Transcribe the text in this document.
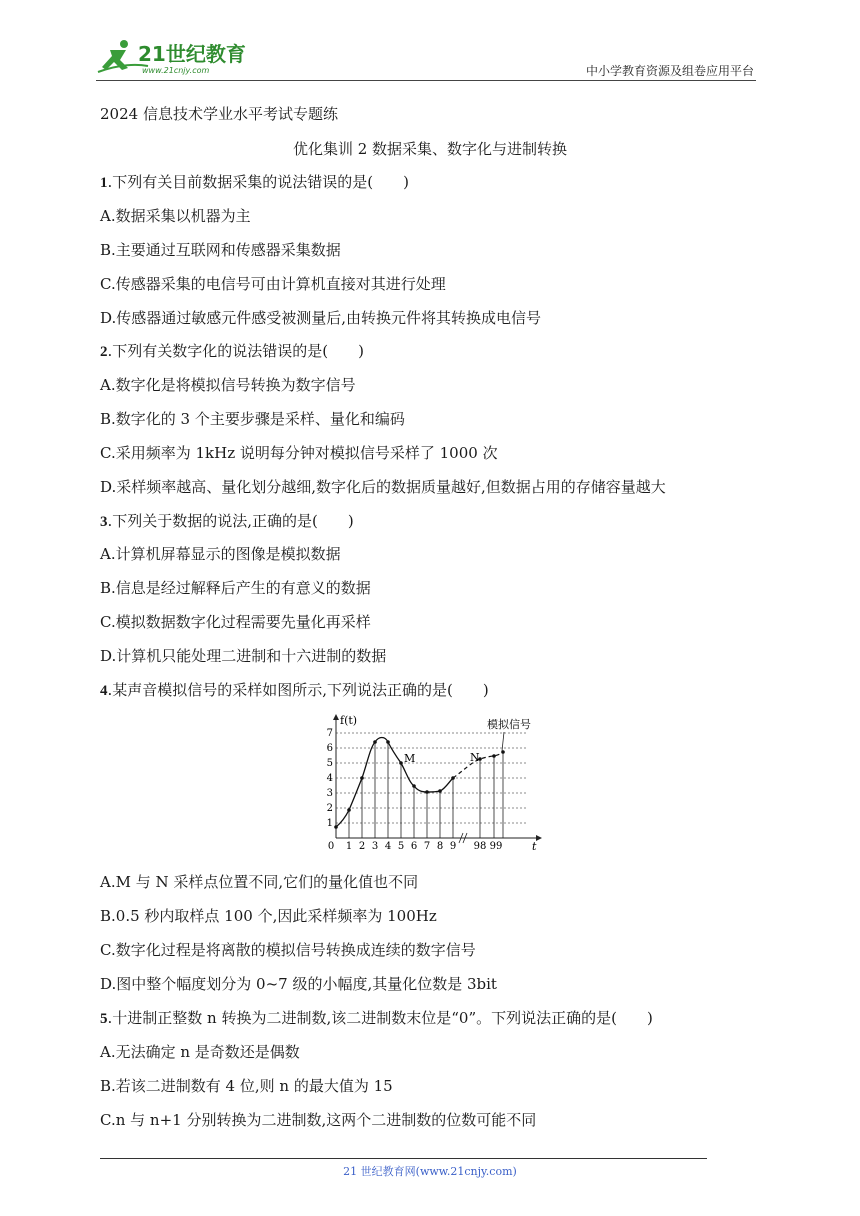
21世纪教育
www.21cnjy.com	中小学教育资源及组卷应用平台
2024 信息技术学业水平考试专题练
优化集训 2 数据采集、数字化与进制转换
1.下列有关目前数据采集的说法错误的是(　　)
A.数据采集以机器为主
B.主要通过互联网和传感器采集数据
C.传感器采集的电信号可由计算机直接对其进行处理
D.传感器通过敏感元件感受被测量后,由转换元件将其转换成电信号
2.下列有关数字化的说法错误的是(　　)
A.数字化是将模拟信号转换为数字信号
B.数字化的 3 个主要步骤是采样、量化和编码
C.采用频率为 1kHz 说明每分钟对模拟信号采样了 1000 次
D.采样频率越高、量化划分越细,数字化后的数据质量越好,但数据占用的存储容量越大
3.下列关于数据的说法,正确的是(　　)
A.计算机屏幕显示的图像是模拟数据
B.信息是经过解释后产生的有意义的数据
C.模拟数据数字化过程需要先量化再采样
D.计算机只能处理二进制和十六进制的数据
4.某声音模拟信号的采样如图所示,下列说法正确的是(　　)
f(t)
t
1
2
3
4
5
6
7
0 1 2 3 4 5 6 7 8 9 98 99
M	N
模拟信号
A.M 与 N 采样点位置不同,它们的量化值也不同
B.0.5 秒内取样点 100 个,因此采样频率为 100Hz
C.数字化过程是将离散的模拟信号转换成连续的数字信号
D.图中整个幅度划分为 0~7 级的小幅度,其量化位数是 3bit
5.十进制正整数 n 转换为二进制数,该二进制数末位是“0”。下列说法正确的是(　　)
A.无法确定 n 是奇数还是偶数
B.若该二进制数有 4 位,则 n 的最大值为 15
C.n 与 n+1 分别转换为二进制数,这两个二进制数的位数可能不同
21 世纪教育网(www.21cnjy.com)
